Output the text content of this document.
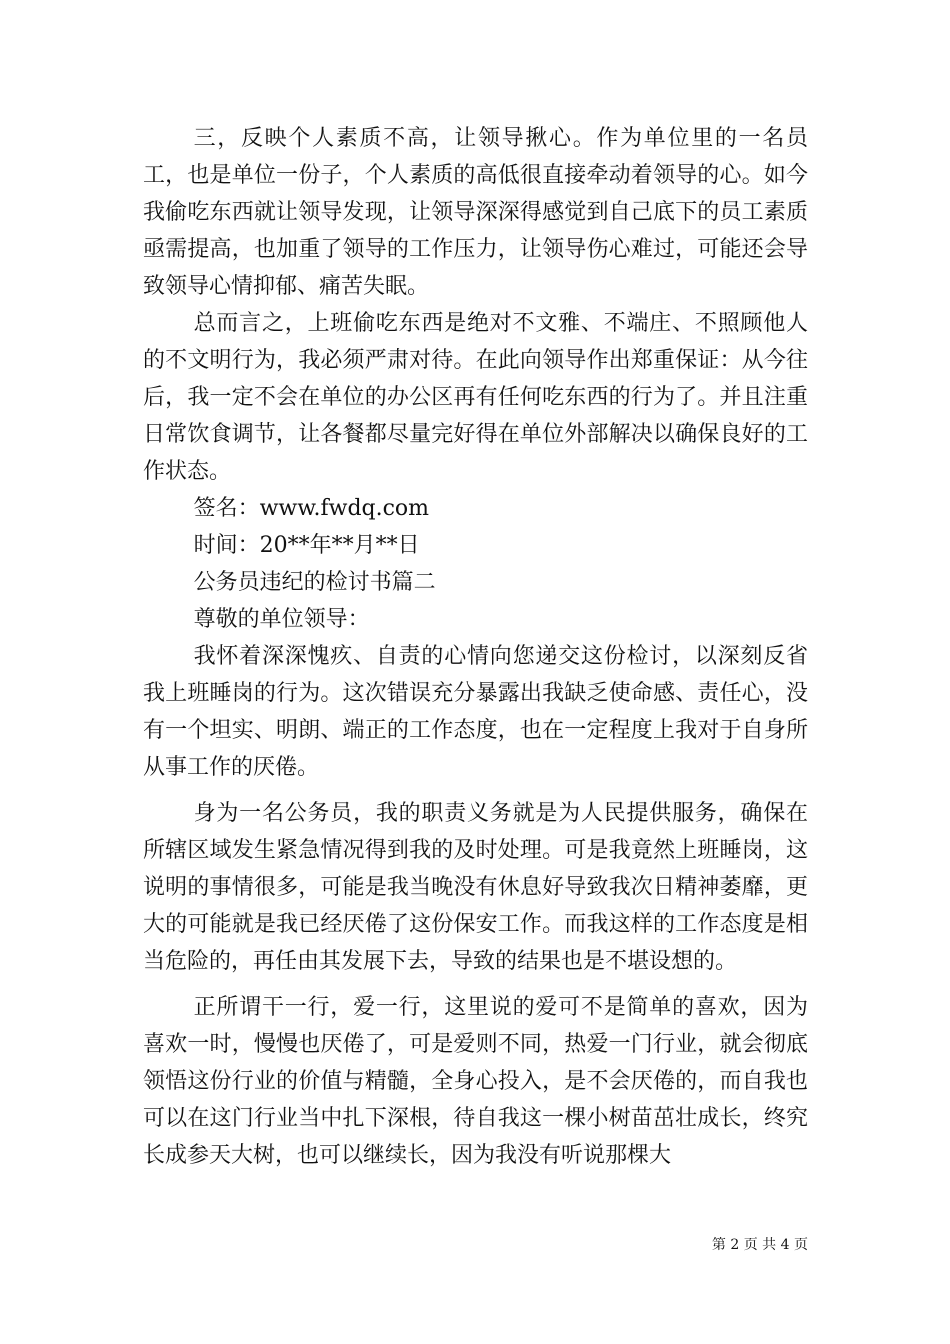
三，反映个人素质不高，让领导揪心。作为单位里的一名员工，也是单位一份子，个人素质的高低很直接牵动着领导的心。如今我偷吃东西就让领导发现，让领导深深得感觉到自己底下的员工素质亟需提高，也加重了领导的工作压力，让领导伤心难过，可能还会导致领导心情抑郁、痛苦失眠。

总而言之，上班偷吃东西是绝对不文雅、不端庄、不照顾他人的不文明行为，我必须严肃对待。在此向领导作出郑重保证：从今往后，我一定不会在单位的办公区再有任何吃东西的行为了。并且注重日常饮食调节，让各餐都尽量完好得在单位外部解决以确保良好的工作状态。

签名：www.fwdq.com

时间：20**年**月**日

公务员违纪的检讨书篇二

尊敬的单位领导：

我怀着深深愧疚、自责的心情向您递交这份检讨，以深刻反省我上班睡岗的行为。这次错误充分暴露出我缺乏使命感、责任心，没有一个坦实、明朗、端正的工作态度，也在一定程度上我对于自身所从事工作的厌倦。

身为一名公务员，我的职责义务就是为人民提供服务，确保在所辖区域发生紧急情况得到我的及时处理。可是我竟然上班睡岗，这说明的事情很多，可能是我当晚没有休息好导致我次日精神萎靡，更大的可能就是我已经厌倦了这份保安工作。而我这样的工作态度是相当危险的，再任由其发展下去，导致的结果也是不堪设想的。

正所谓干一行，爱一行，这里说的爱可不是简单的喜欢，因为喜欢一时，慢慢也厌倦了，可是爱则不同，热爱一门行业，就会彻底领悟这份行业的价值与精髓，全身心投入，是不会厌倦的，而自我也可以在这门行业当中扎下深根，待自我这一棵小树苗茁壮成长，终究长成参天大树，也可以继续长，因为我没有听说那棵大

第 2 页 共 4 页
